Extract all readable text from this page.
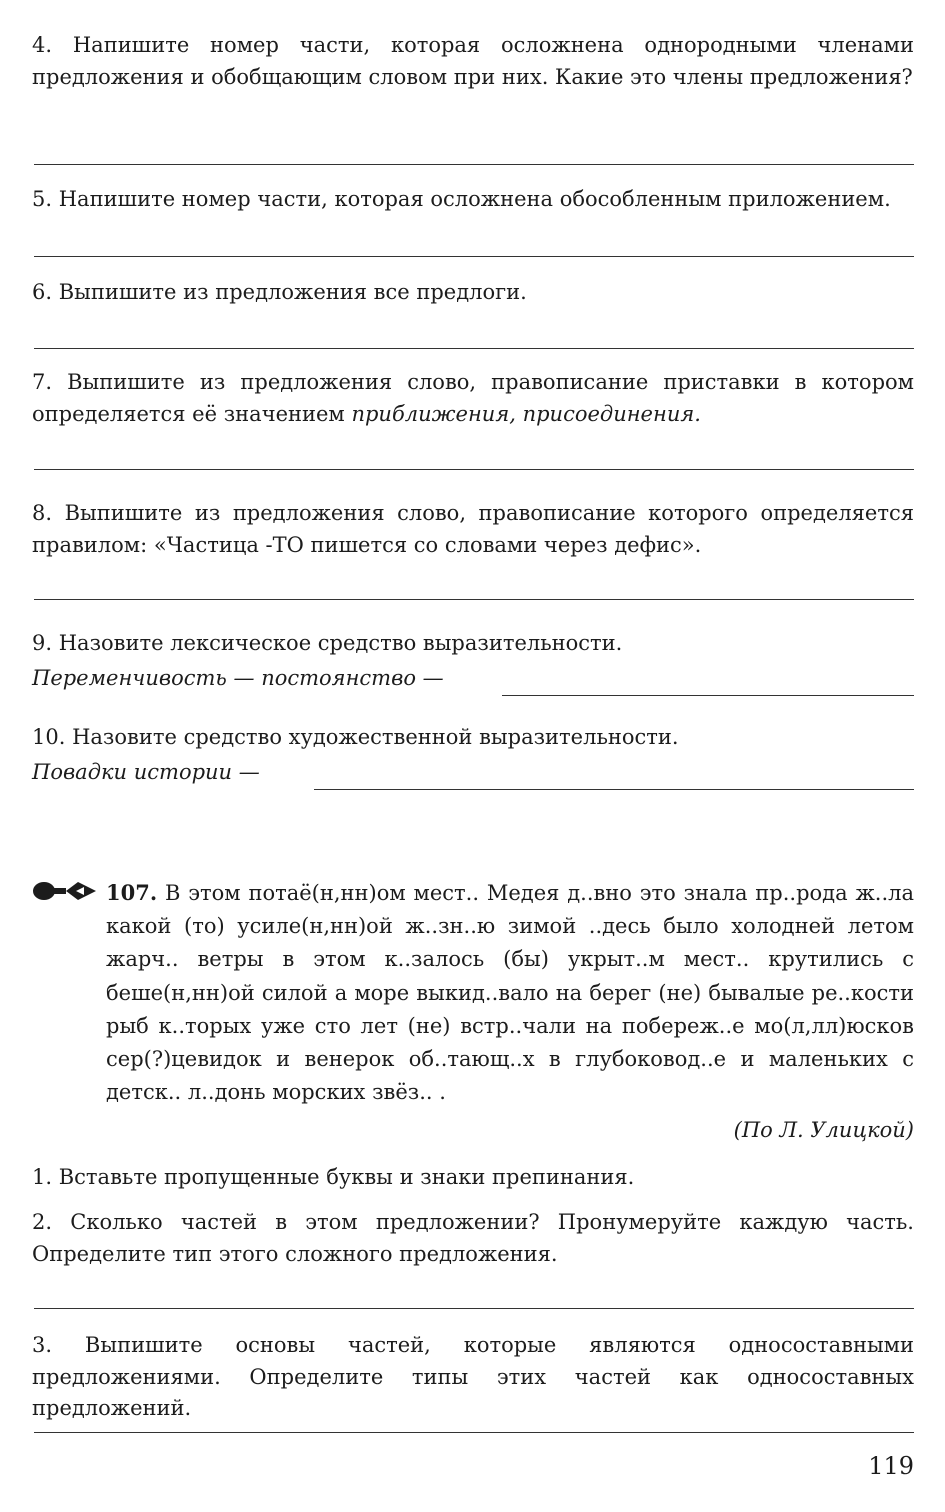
4. Напишите номер части, которая осложнена однородными членами предложения и обобщающим словом при них. Какие это члены предложения?
5. Напишите номер части, которая осложнена обособленным приложением.
6. Выпишите из предложения все предлоги.
7. Выпишите из предложения слово, правописание приставки в котором определяется её значением приближения, присоединения.
8. Выпишите из предложения слово, правописание которого определяется правилом: «Частица -ТО пишется со словами через дефис».
9. Назовите лексическое средство выразительности.
Переменчивость — постоянство —
10. Назовите средство художественной выразительности.
Повадки истории —
107. В этом потаё(н,нн)ом мест.. Медея д..вно это знала пр..рода ж..ла какой (то) усиле(н,нн)ой ж..зн..ю зимой ..десь было холодней летом жарч.. ветры в этом к..залось (бы) укрыт..м мест.. крутились с беше(н,нн)ой силой а море выкид..вало на берег (не) бывалые ре..кости рыб к..торых уже сто лет (не) встр..чали на побереж..е мо(л,лл)юсков сер(?)цевидок и венерок об..тающ..х в глубоковод..е и маленьких с детск.. л..донь морских звёз.. .
(По Л. Улицкой)
1. Вставьте пропущенные буквы и знаки препинания.
2. Сколько частей в этом предложении? Пронумеруйте каждую часть. Определите тип этого сложного предложения.
3. Выпишите основы частей, которые являются односоставными предложениями. Определите типы этих частей как односоставных предложений.
119
